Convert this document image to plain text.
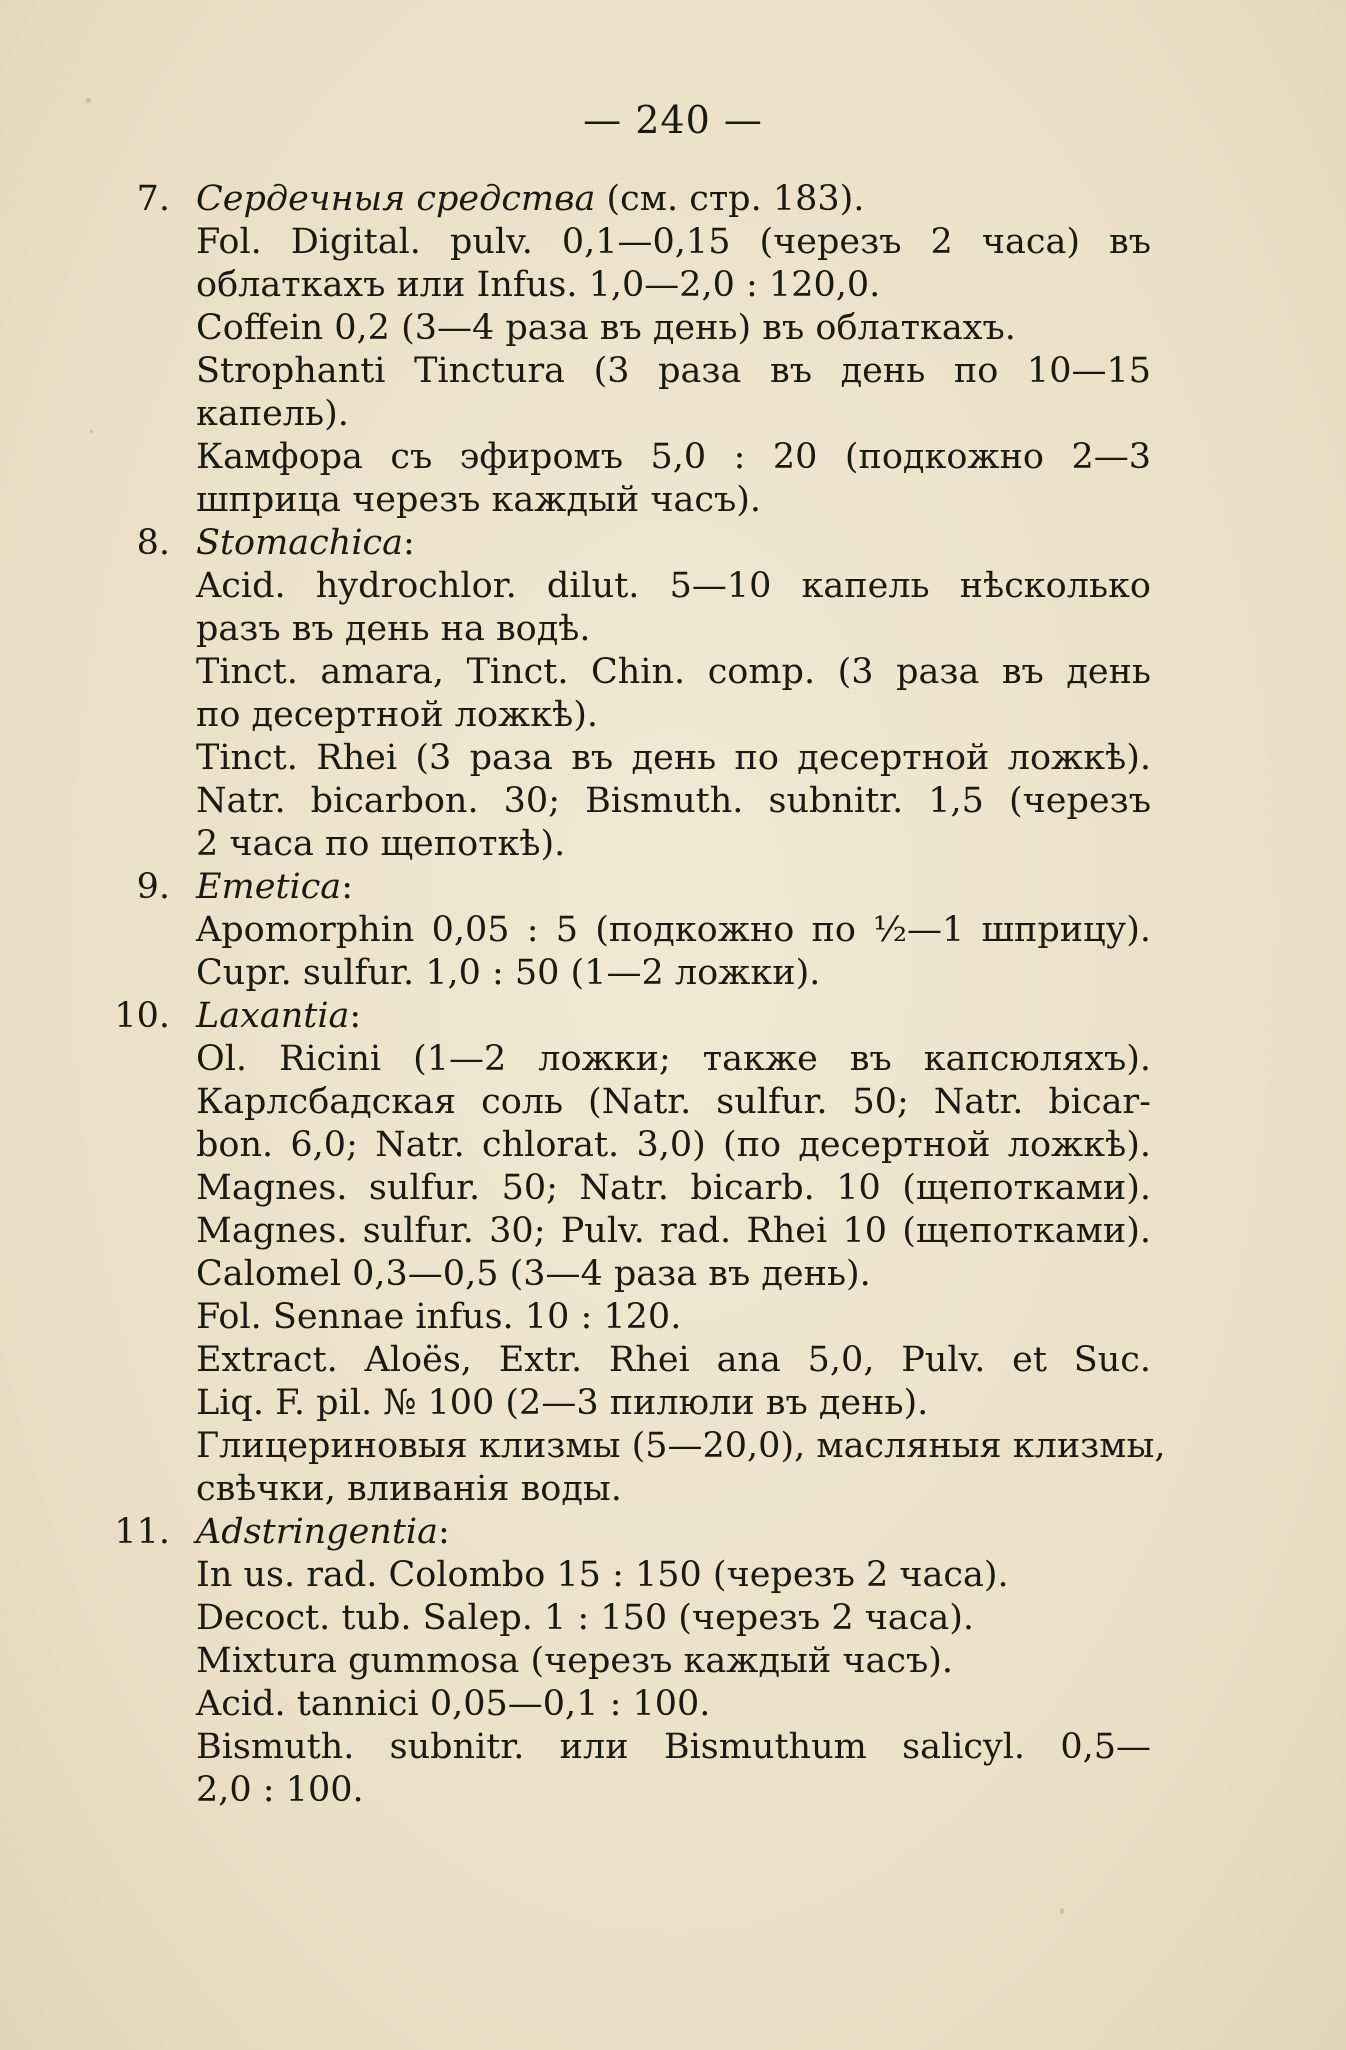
— 240 —
7. Сердечныя средства (см. стр. 183).
Fol. Digital. pulv. 0,1—0,15 (черезъ 2 часа) въ
облаткахъ или Infus. 1,0—2,0 : 120,0.
Coffein 0,2 (3—4 раза въ день) въ облаткахъ.
Strophanti Tinctura (3 раза въ день по 10—15
капель).
Камфора съ эфиромъ 5,0 : 20 (подкожно 2—3
шприца черезъ каждый часъ).
8. Stomachica:
Acid. hydrochlor. dilut. 5—10 капель нѣсколько
разъ въ день на водѣ.
Tinct. amara, Tinct. Chin. comp. (3 раза въ день
по десертной ложкѣ).
Tinct. Rhei (3 раза въ день по десертной ложкѣ).
Natr. bicarbon. 30; Bismuth. subnitr. 1,5 (черезъ
2 часа по щепоткѣ).
9. Emetica:
Apomorphin 0,05 : 5 (подкожно по ½—1 шприцу).
Cupr. sulfur. 1,0 : 50 (1—2 ложки).
10. Laxantia:
Ol. Ricini (1—2 ложки; также въ капсюляхъ).
Карлсбадская соль (Natr. sulfur. 50; Natr. bicar-
bon. 6,0; Natr. chlorat. 3,0) (по десертной ложкѣ).
Magnes. sulfur. 50; Natr. bicarb. 10 (щепотками).
Magnes. sulfur. 30; Pulv. rad. Rhei 10 (щепотками).
Calomel 0,3—0,5 (3—4 раза въ день).
Fol. Sennae infus. 10 : 120.
Extract. Aloës, Extr. Rhei ana 5,0, Pulv. et Suc.
Liq. F. pil. № 100 (2—3 пилюли въ день).
Глицериновыя клизмы (5—20,0), масляныя клизмы,
свѣчки, вливанія воды.
11. Adstringentia:
In us. rad. Colombo 15 : 150 (черезъ 2 часа).
Decoct. tub. Salep. 1 : 150 (черезъ 2 часа).
Mixtura gummosa (черезъ каждый часъ).
Acid. tannici 0,05—0,1 : 100.
Bismuth. subnitr. или Bismuthum salicyl. 0,5—
2,0 : 100.
